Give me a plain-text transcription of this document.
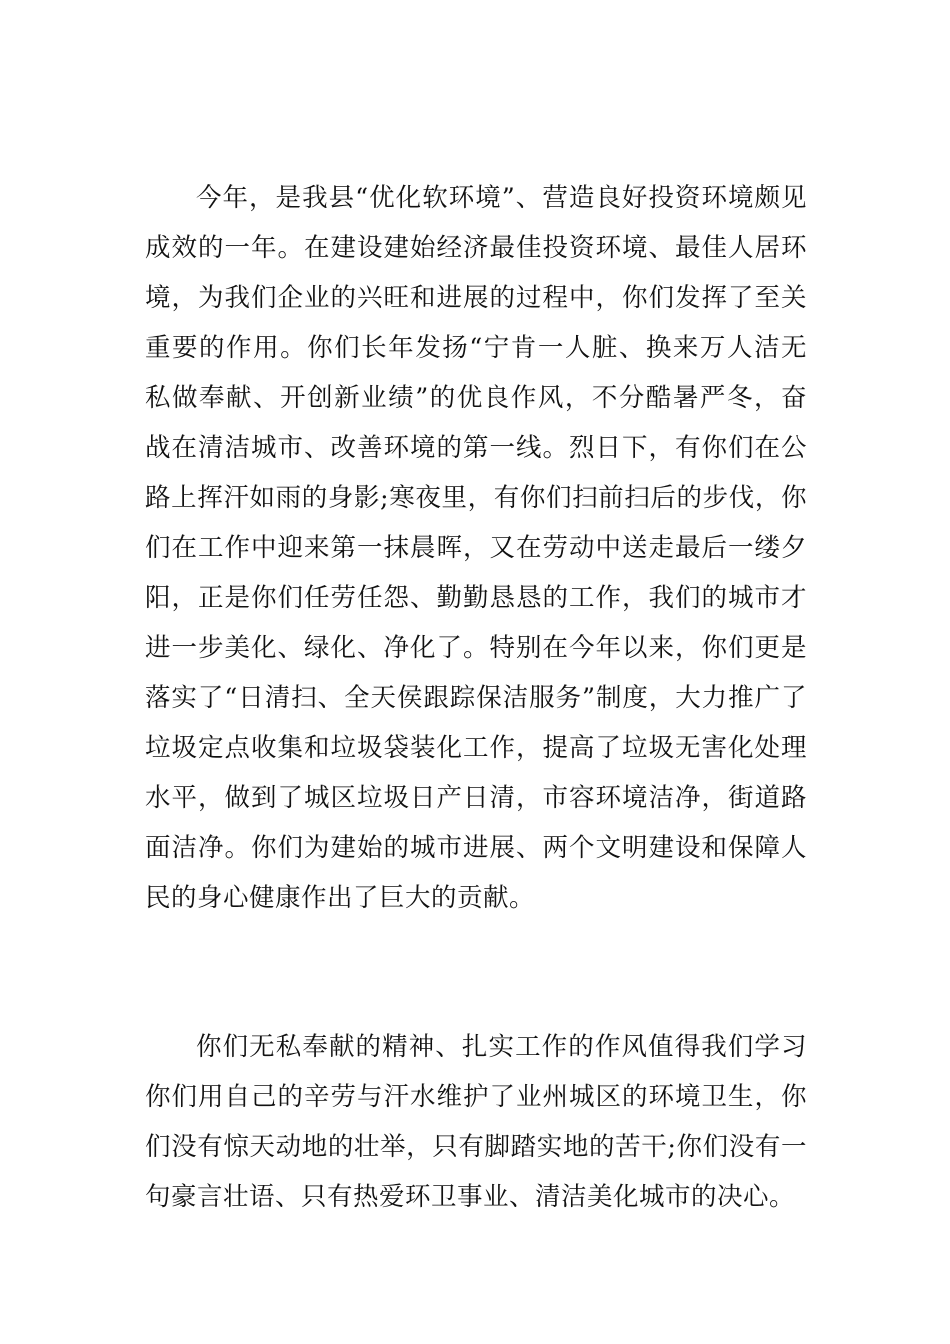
今年，是我县“优化软环境”、营造良好投资环境颇见成效的一年。在建设建始经济最佳投资环境、最佳人居环境，为我们企业的兴旺和进展的过程中，你们发挥了至关重要的作用。你们长年发扬“宁肯一人脏、换来万人洁无私做奉献、开创新业绩”的优良作风，不分酷暑严冬，奋战在清洁城市、改善环境的第一线。烈日下，有你们在公路上挥汗如雨的身影;寒夜里，有你们扫前扫后的步伐，你们在工作中迎来第一抹晨晖，又在劳动中送走最后一缕夕阳，正是你们任劳任怨、勤勤恳恳的工作，我们的城市才进一步美化、绿化、净化了。特别在今年以来，你们更是落实了“日清扫、全天侯跟踪保洁服务”制度，大力推广了垃圾定点收集和垃圾袋装化工作，提高了垃圾无害化处理水平，做到了城区垃圾日产日清，市容环境洁净，街道路面洁净。你们为建始的城市进展、两个文明建设和保障人民的身心健康作出了巨大的贡献。

你们无私奉献的精神、扎实工作的作风值得我们学习你们用自己的辛劳与汗水维护了业州城区的环境卫生，你们没有惊天动地的壮举，只有脚踏实地的苦干;你们没有一句豪言壮语、只有热爱环卫事业、清洁美化城市的决心。
